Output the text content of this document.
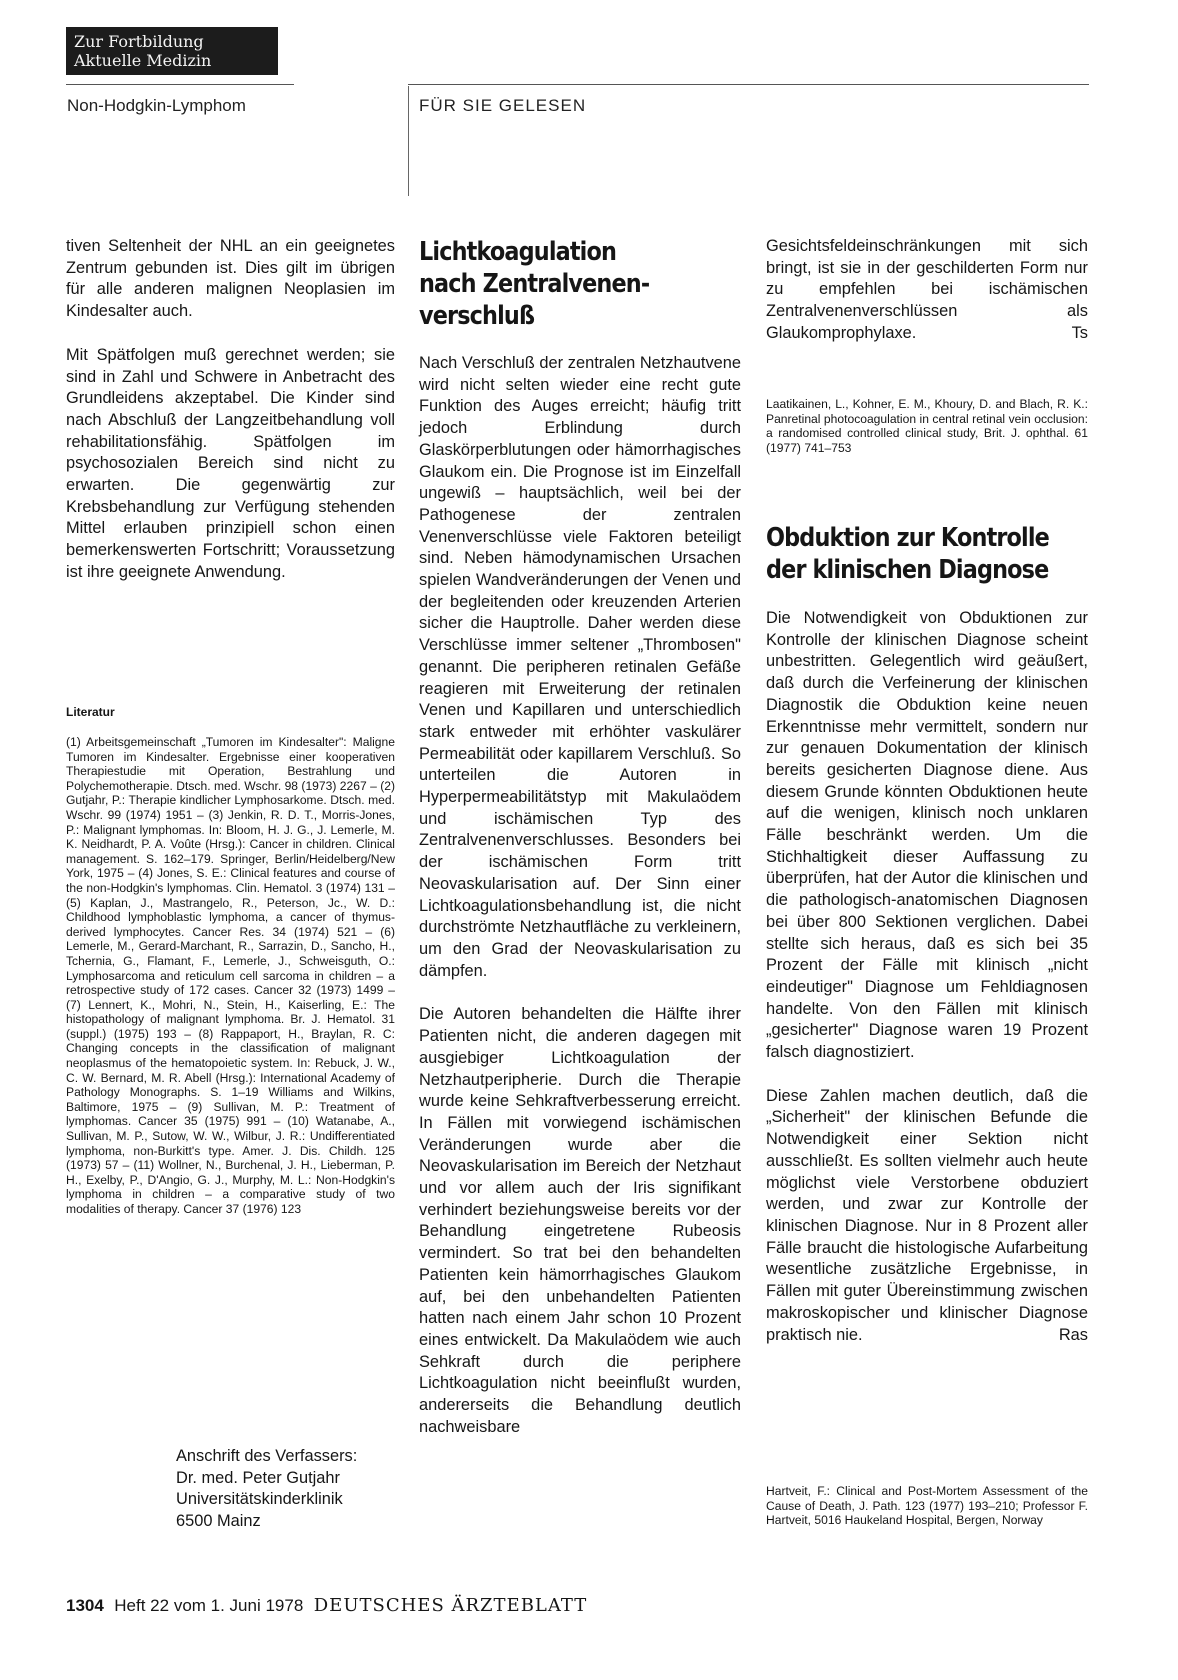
Zur Fortbildung
Aktuelle Medizin
Non-Hodgkin-Lymphom	FÜR SIE GELESEN

tiven Seltenheit der NHL an ein geeignetes Zentrum gebunden ist. Dies gilt im übrigen für alle anderen malignen Neoplasien im Kindesalter auch.

Mit Spätfolgen muß gerechnet werden; sie sind in Zahl und Schwere in Anbetracht des Grundleidens akzeptabel. Die Kinder sind nach Abschluß der Langzeitbehandlung voll rehabilitationsfähig. Spätfolgen im psychosozialen Bereich sind nicht zu erwarten. Die gegenwärtig zur Krebsbehandlung zur Verfügung stehenden Mittel erlauben prinzipiell schon einen bemerkenswerten Fortschritt; Voraussetzung ist ihre geeignete Anwendung.

Literatur

(1) Arbeitsgemeinschaft „Tumoren im Kindesalter": Maligne Tumoren im Kindesalter. Ergebnisse einer kooperativen Therapiestudie mit Operation, Bestrahlung und Polychemotherapie. Dtsch. med. Wschr. 98 (1973) 2267 – (2) Gutjahr, P.: Therapie kindlicher Lymphosarkome. Dtsch. med. Wschr. 99 (1974) 1951 – (3) Jenkin, R. D. T., Morris-Jones, P.: Malignant lymphomas. In: Bloom, H. J. G., J. Lemerle, M. K. Neidhardt, P. A. Voûte (Hrsg.): Cancer in children. Clinical management. S. 162–179. Springer, Berlin/Heidelberg/New York, 1975 – (4) Jones, S. E.: Clinical features and course of the non-Hodgkin's lymphomas. Clin. Hematol. 3 (1974) 131 – (5) Kaplan, J., Mastrangelo, R., Peterson, Jc., W. D.: Childhood lymphoblastic lymphoma, a cancer of thymus-derived lymphocytes. Cancer Res. 34 (1974) 521 – (6) Lemerle, M., Gerard-Marchant, R., Sarrazin, D., Sancho, H., Tchernia, G., Flamant, F., Lemerle, J., Schweisguth, O.: Lymphosarcoma and reticulum cell sarcoma in children – a retrospective study of 172 cases. Cancer 32 (1973) 1499 – (7) Lennert, K., Mohri, N., Stein, H., Kaiserling, E.: The histopathology of malignant lymphoma. Br. J. Hematol. 31 (suppl.) (1975) 193 – (8) Rappaport, H., Braylan, R. C: Changing concepts in the classification of malignant neoplasmus of the hematopoietic system. In: Rebuck, J. W., C. W. Bernard, M. R. Abell (Hrsg.): International Academy of Pathology Monographs. S. 1–19 Williams and Wilkins, Baltimore, 1975 – (9) Sullivan, M. P.: Treatment of lymphomas. Cancer 35 (1975) 991 – (10) Watanabe, A., Sullivan, M. P., Sutow, W. W., Wilbur, J. R.: Undifferentiated lymphoma, non-Burkitt's type. Amer. J. Dis. Childh. 125 (1973) 57 – (11) Wollner, N., Burchenal, J. H., Lieberman, P. H., Exelby, P., D'Angio, G. J., Murphy, M. L.: Non-Hodgkin's lymphoma in children – a comparative study of two modalities of therapy. Cancer 37 (1976) 123

Anschrift des Verfassers:
Dr. med. Peter Gutjahr
Universitätskinderklinik
6500 Mainz
Lichtkoagulation
nach Zentralvenen-
verschluß

Nach Verschluß der zentralen Netzhautvene wird nicht selten wieder eine recht gute Funktion des Auges erreicht; häufig tritt jedoch Erblindung durch Glaskörperblutungen oder hämorrhagisches Glaukom ein. Die Prognose ist im Einzelfall ungewiß – hauptsächlich, weil bei der Pathogenese der zentralen Venenverschlüsse viele Faktoren beteiligt sind. Neben hämodynamischen Ursachen spielen Wandveränderungen der Venen und der begleitenden oder kreuzenden Arterien sicher die Hauptrolle. Daher werden diese Verschlüsse immer seltener „Thrombosen" genannt. Die peripheren retinalen Gefäße reagieren mit Erweiterung der retinalen Venen und Kapillaren und unterschiedlich stark entweder mit erhöhter vaskulärer Permeabilität oder kapillarem Verschluß. So unterteilen die Autoren in Hyperpermeabilitätstyp mit Makulaödem und ischämischen Typ des Zentralvenenverschlusses. Besonders bei der ischämischen Form tritt Neovaskularisation auf. Der Sinn einer Lichtkoagulationsbehandlung ist, die nicht durchströmte Netzhautfläche zu verkleinern, um den Grad der Neovaskularisation zu dämpfen.

Die Autoren behandelten die Hälfte ihrer Patienten nicht, die anderen dagegen mit ausgiebiger Lichtkoagulation der Netzhautperipherie. Durch die Therapie wurde keine Sehkraftverbesserung erreicht. In Fällen mit vorwiegend ischämischen Veränderungen wurde aber die Neovaskularisation im Bereich der Netzhaut und vor allem auch der Iris signifikant verhindert beziehungsweise bereits vor der Behandlung eingetretene Rubeosis vermindert. So trat bei den behandelten Patienten kein hämorrhagisches Glaukom auf, bei den unbehandelten Patienten hatten nach einem Jahr schon 10 Prozent eines entwickelt. Da Makulaödem wie auch Sehkraft durch die periphere Lichtkoagulation nicht beeinflußt wurden, andererseits die Behandlung deutlich nachweisbare

Gesichtsfeldeinschränkungen mit sich bringt, ist sie in der geschilderten Form nur zu empfehlen bei ischämischen Zentralvenenverschlüssen als Glaukomprophylaxe.	Ts

Laatikainen, L., Kohner, E. M., Khoury, D. and Blach, R. K.: Panretinal photocoagulation in central retinal vein occlusion: a randomised controlled clinical study, Brit. J. ophthal. 61 (1977) 741–753

Obduktion zur Kontrolle
der klinischen Diagnose

Die Notwendigkeit von Obduktionen zur Kontrolle der klinischen Diagnose scheint unbestritten. Gelegentlich wird geäußert, daß durch die Verfeinerung der klinischen Diagnostik die Obduktion keine neuen Erkenntnisse mehr vermittelt, sondern nur zur genauen Dokumentation der klinisch bereits gesicherten Diagnose diene. Aus diesem Grunde könnten Obduktionen heute auf die wenigen, klinisch noch unklaren Fälle beschränkt werden. Um die Stichhaltigkeit dieser Auffassung zu überprüfen, hat der Autor die klinischen und die pathologisch-anatomischen Diagnosen bei über 800 Sektionen verglichen. Dabei stellte sich heraus, daß es sich bei 35 Prozent der Fälle mit klinisch „nicht eindeutiger" Diagnose um Fehldiagnosen handelte. Von den Fällen mit klinisch „gesicherter" Diagnose waren 19 Prozent falsch diagnostiziert.

Diese Zahlen machen deutlich, daß die „Sicherheit" der klinischen Befunde die Notwendigkeit einer Sektion nicht ausschließt. Es sollten vielmehr auch heute möglichst viele Verstorbene obduziert werden, und zwar zur Kontrolle der klinischen Diagnose. Nur in 8 Prozent aller Fälle braucht die histologische Aufarbeitung wesentliche zusätzliche Ergebnisse, in Fällen mit guter Übereinstimmung zwischen makroskopischer und klinischer Diagnose praktisch nie.	Ras

Hartveit, F.: Clinical and Post-Mortem Assessment of the Cause of Death, J. Path. 123 (1977) 193–210; Professor F. Hartveit, 5016 Haukeland Hospital, Bergen, Norway

1304 Heft 22 vom 1. Juni 1978 DEUTSCHES ÄRZTEBLATT
